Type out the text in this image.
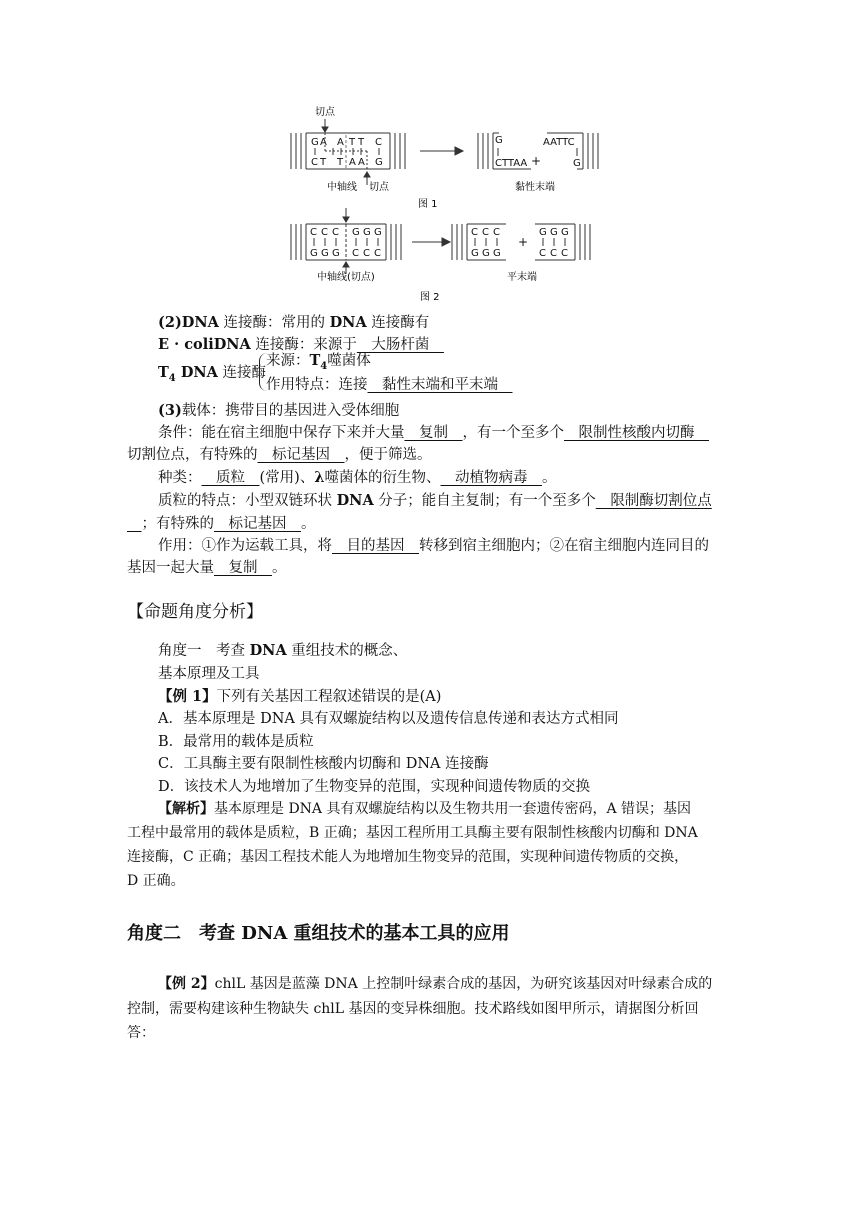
切点
G A A T T C
C T T A A G
G
CTTAA +
AATTC
G
中轴线 切点	黏性末端
图 1
C C C G G G
G G G C C C
C C C
G G G
+
G G G
C C C
中轴线(切点)	平末端
图 2
(2)DNA 连接酶：常用的 DNA 连接酶有
E · coliDNA 连接酶：来源于__大肠杆菌__
$T_4$ DNA 连接酶
来源：$T_4$噬菌体
作用特点：连接__黏性末端和平末端__
(3)载体：携带目的基因进入受体细胞
条件：能在宿主细胞中保存下来并大量__复制__，有一个至多个__限制性核酸内切酶__
切割位点，有特殊的__标记基因__，便于筛选。
种类：__质粒__(常用)、λ噬菌体的衍生物、__动植物病毒__。
质粒的特点：小型双链环状 DNA 分子；能自主复制；有一个至多个__限制酶切割位点
__；有特殊的__标记基因__。
作用：①作为运载工具，将__目的基因__转移到宿主细胞内；②在宿主细胞内连同目的
基因一起大量__复制__。
【命题角度分析】
角度一　考查 DNA 重组技术的概念、
基本原理及工具
【例 1】下列有关基因工程叙述错误的是(A)
A．基本原理是 DNA 具有双螺旋结构以及遗传信息传递和表达方式相同
B．最常用的载体是质粒
C．工具酶主要有限制性核酸内切酶和 DNA 连接酶
D．该技术人为地增加了生物变异的范围，实现种间遗传物质的交换
【解析】基本原理是 DNA 具有双螺旋结构以及生物共用一套遗传密码，A 错误；基因
工程中最常用的载体是质粒，B 正确；基因工程所用工具酶主要有限制性核酸内切酶和 DNA
连接酶，C 正确；基因工程技术能人为地增加生物变异的范围，实现种间遗传物质的交换，
D 正确。
角度二　考查 DNA 重组技术的基本工具的应用
【例 2】chlL 基因是蓝藻 DNA 上控制叶绿素合成的基因，为研究该基因对叶绿素合成的
控制，需要构建该种生物缺失 chlL 基因的变异株细胞。技术路线如图甲所示，请据图分析回
答：
